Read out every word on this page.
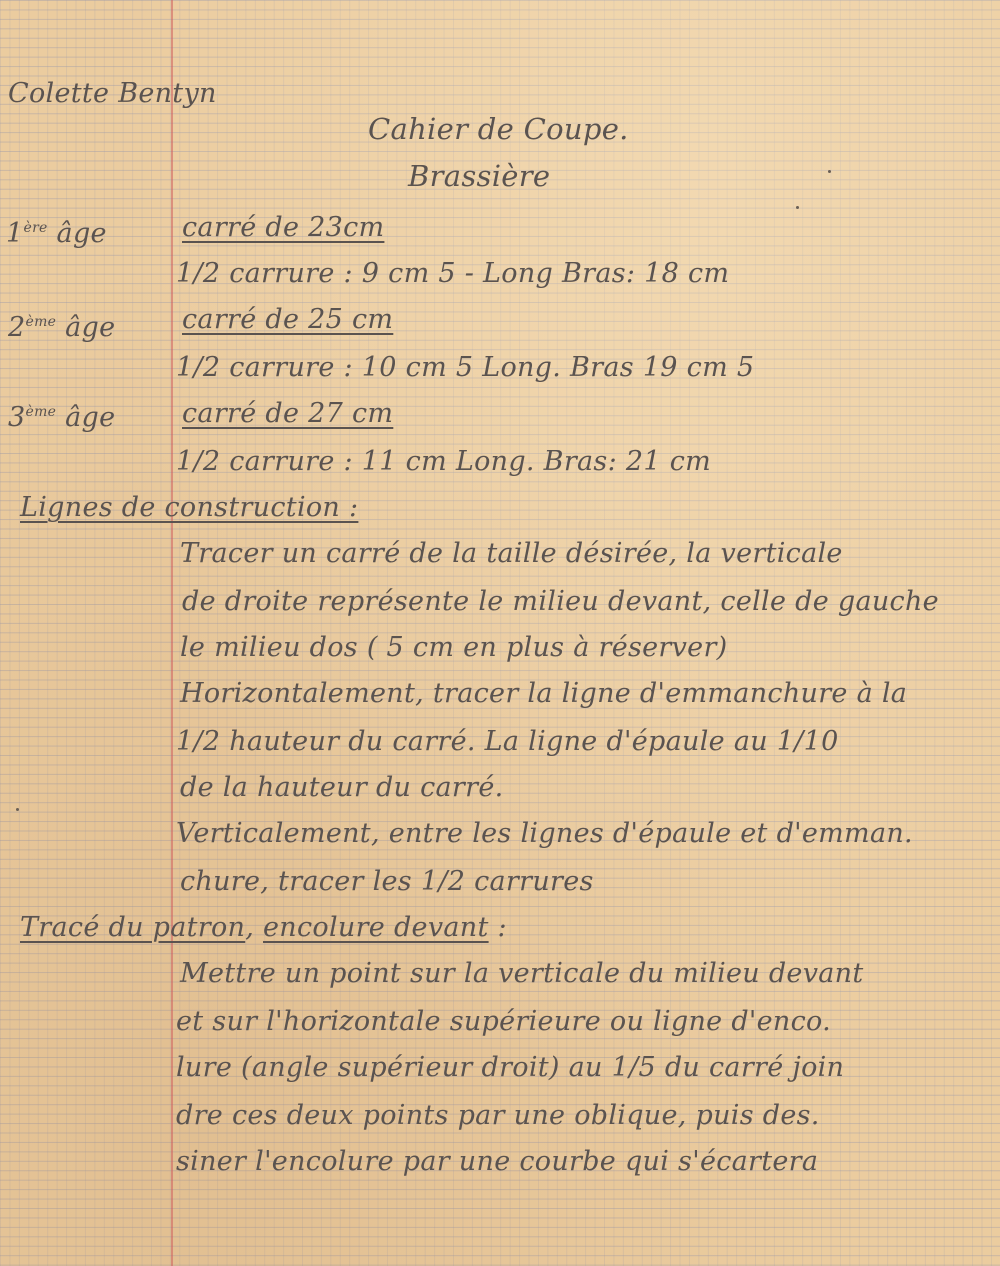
Colette Bentyn
Cahier de Coupe.
Brassière
1ère âge	carré de 23cm
1/2 carrure : 9 cm 5 - Long Bras: 18 cm
2ème âge carré de 25 cm
1/2 carrure : 10 cm 5 Long. Bras 19 cm 5
3ème âge carré de 27 cm
1/2 carrure : 11 cm Long. Bras: 21 cm
Lignes de construction :
Tracer un carré de la taille désirée, la verticale
de droite représente le milieu devant, celle de gauche
le milieu dos ( 5 cm en plus à réserver)
Horizontalement, tracer la ligne d'emmanchure à la
1/2 hauteur du carré. La ligne d'épaule au 1/10
de la hauteur du carré.
Verticalement, entre les lignes d'épaule et d'emman.
chure, tracer les 1/2 carrures
Tracé du patron, encolure devant :
Mettre un point sur la verticale du milieu devant
et sur l'horizontale supérieure ou ligne d'enco.
lure (angle supérieur droit) au 1/5 du carré join
dre ces deux points par une oblique, puis des.
siner l'encolure par une courbe qui s'écartera
